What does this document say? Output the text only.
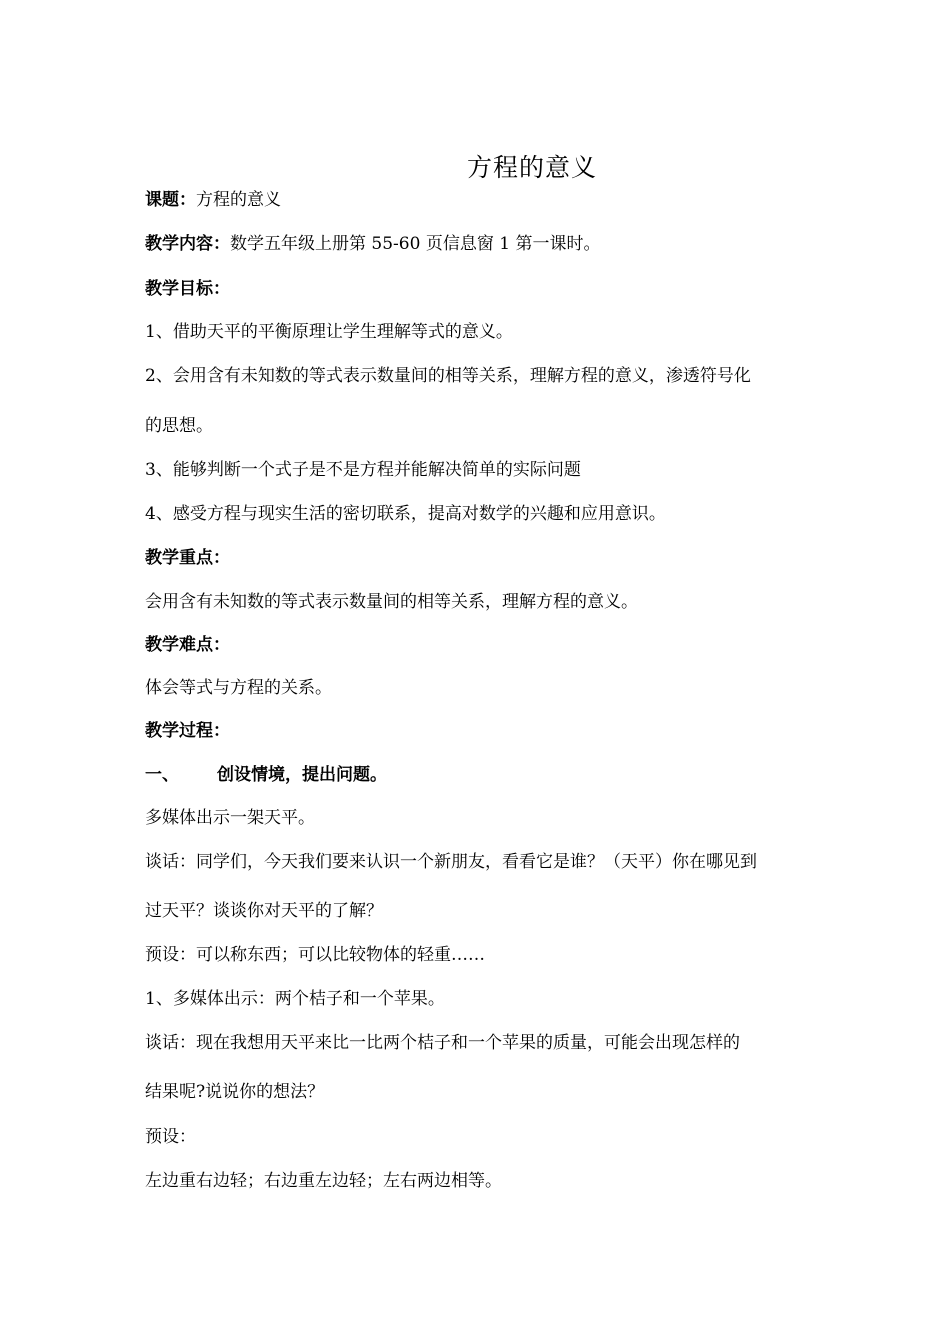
方程的意义
课题：方程的意义
教学内容：数学五年级上册第 55-60 页信息窗 1 第一课时。
教学目标：
1、借助天平的平衡原理让学生理解等式的意义。
2、会用含有未知数的等式表示数量间的相等关系，理解方程的意义，渗透符号化
的思想。
3、能够判断一个式子是不是方程并能解决简单的实际问题
4、感受方程与现实生活的密切联系，提高对数学的兴趣和应用意识。
教学重点：
会用含有未知数的等式表示数量间的相等关系，理解方程的意义。
教学难点：
体会等式与方程的关系。
教学过程：
一、 创设情境，提出问题。
多媒体出示一架天平。
谈话：同学们，今天我们要来认识一个新朋友，看看它是谁？（天平）你在哪见到
过天平？谈谈你对天平的了解？
预设：可以称东西；可以比较物体的轻重……
1、多媒体出示：两个桔子和一个苹果。
谈话：现在我想用天平来比一比两个桔子和一个苹果的质量，可能会出现怎样的
结果呢?说说你的想法？
预设：
左边重右边轻；右边重左边轻；左右两边相等。
